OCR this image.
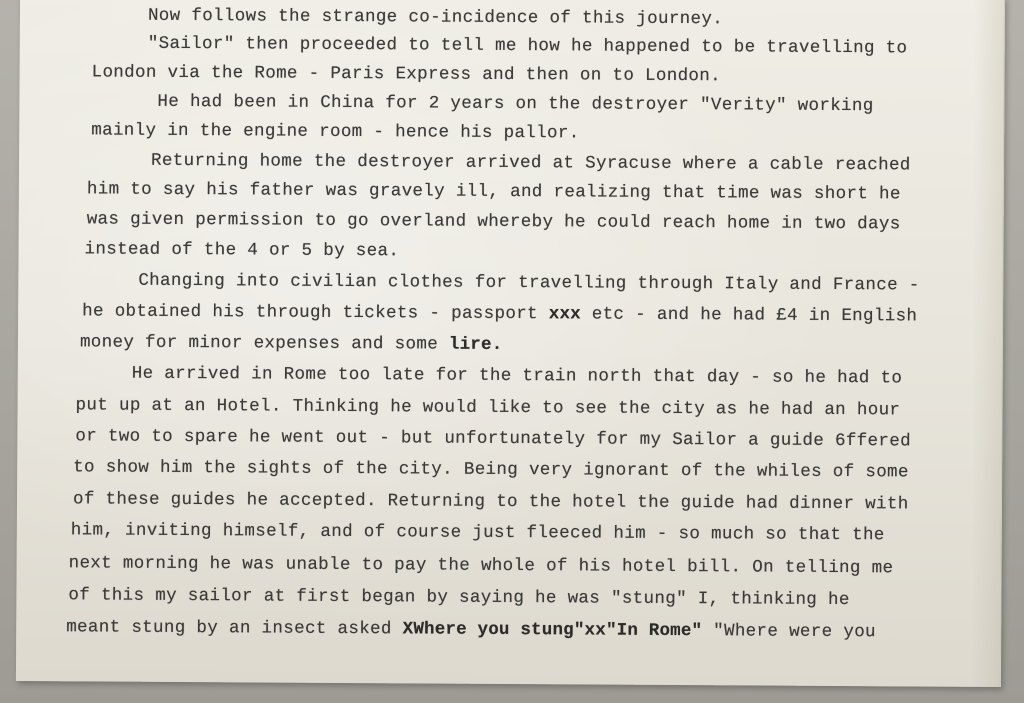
Now follows the strange co-incidence of this journey.
"Sailor" then proceeded to tell me how he happened to be travelling to
London via the Rome - Paris Express and then on to London.
He had been in China for 2 years on the destroyer "Verity" working
mainly in the engine room - hence his pallor.
Returning home the destroyer arrived at Syracuse where a cable reached
him to say his father was gravely ill, and realizing that time was short he
was given permission to go overland whereby he could reach home in two days
instead of the 4 or 5 by sea.
Changing into civilian clothes for travelling through Italy and France -
he obtained his through tickets - passport xxx etc - and he had £4 in English
money for minor expenses and some lire.
He arrived in Rome too late for the train north that day - so he had to
put up at an Hotel. Thinking he would like to see the city as he had an hour
or two to spare he went out - but unfortunately for my Sailor a guide 6ffered
to show him the sights of the city. Being very ignorant of the whiles of some
of these guides he accepted. Returning to the hotel the guide had dinner with
him, inviting himself, and of course just fleeced him - so much so that the
next morning he was unable to pay the whole of his hotel bill. On telling me
of this my sailor at first began by saying he was "stung" I, thinking he
meant stung by an insect asked XWhere you stung"xx"In Rome" "Where were you
